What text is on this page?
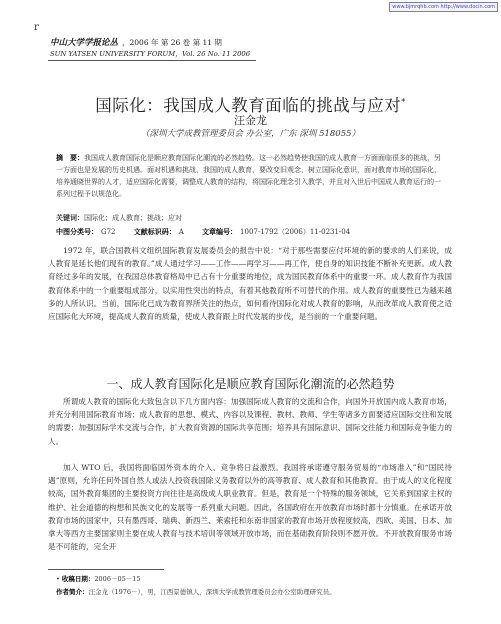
www.bjmrqhb.com http://www.docin.com
r
中山大学学报论丛 ，2006 年 第 26 卷 第 11 期
SUN YATSEN UNIVERSITY FORUM，Vol. 26 No. 11 2006
国际化：我国成人教育面临的挑战与应对*
汪金龙
（深圳大学成教管理委员会 办公室，广东 深圳 518055）
摘　要：我国成人教育国际化是顺应教育国际化潮流的必然趋势。这一必然趋势使我国的成人教育一方面面临很多的挑战，另一方面也是发展的历史机遇。面对机遇和挑战，我国的成人教育，要改变旧观念，树立国际化意识，面对教育市场的国际化，培养通晓世界的人才，适应国际化需要，调整成人教育的结构，将国际化理念引入教学，并且对入世后中国成人教育运行的一系列过程予以规范化。
关键词：国际化；成人教育；挑战；应对
中图分类号： G72	文献标识码： A	文章编号： 1007-1792（2006）11-0231-04
1972 年，联合国教科文组织国际教育发展委员会的报告中说：“对于那些需要应付环境的新的要求的人们来说，成人教育是延长他们现有的教育。”成人通过学习——工作——再学习——再工作，使自身的知识技能不断补充更新。成人教育经过多年的发展，在我国总体教育格局中已占有十分重要的地位，成为国民教育体系中的重要一环。成人教育作为我国教育体系中的一个重要组成部分，以实用性突出的特点，有着其他教育所不可替代的作用。成人教育的重要性已为越来越多的人所认识。当前，国际化已成为教育界所关注的热点，如何看待国际化对成人教育的影响，从而改革成人教育使之适应国际化大环境，提高成人教育的质量，使成人教育跟上时代发展的步伐，是当前的一个重要问题。
一、成人教育国际化是顺应教育国际化潮流的必然趋势
所谓成人教育的国际化大致包含以下几方面内容：加强国际成人教育的交流和合作，向国外开放国内成人教育市场，并充分利用国际教育市场；成人教育的思想、模式、内容以及课程、教材、教师、学生等诸多方面要适应国际交往和发展的需要；加强国际学术交流与合作，扩大教育资源的国际共享范围；培养具有国际意识、国际交往能力和国际竞争能力的人。
加入 WTO 后，我国将面临国外资本的介入、竞争将日益激烈。我国将承诺遵守服务贸易的“市场准入”和“国民待遇”原则，允许任何外国自然人或法人投资我国除义务教育以外的高等教育、成人教育和其他教育。由于成人的文化程度较高，国外教育集团的主要投资方向往往是高级成人职业教育。但是，教育是一个特殊的服务领域，它关系到国家主权的维护、社会道德的构想和民族文化的发展等一系列重大问题。因此，各国政府在开放教育市场时都十分慎重。在承诺开放教育市场的国家中，只有墨西哥、瑞典、新西兰、莱索托和东南非国家的教育市场开放程度较高，西欧、美国、日本、加拿大等西方主要国家则主要在成人教育与技术培训等领域开放市场，而在基础教育阶段则不愿开放。不开放教育服务市场是不可能的，完全开
• 收稿日期：2006－05－15
作者简介：汪金龙（1976－），男，江西景德镇人，深圳大学成教管理委员会办公室助理研究员。
